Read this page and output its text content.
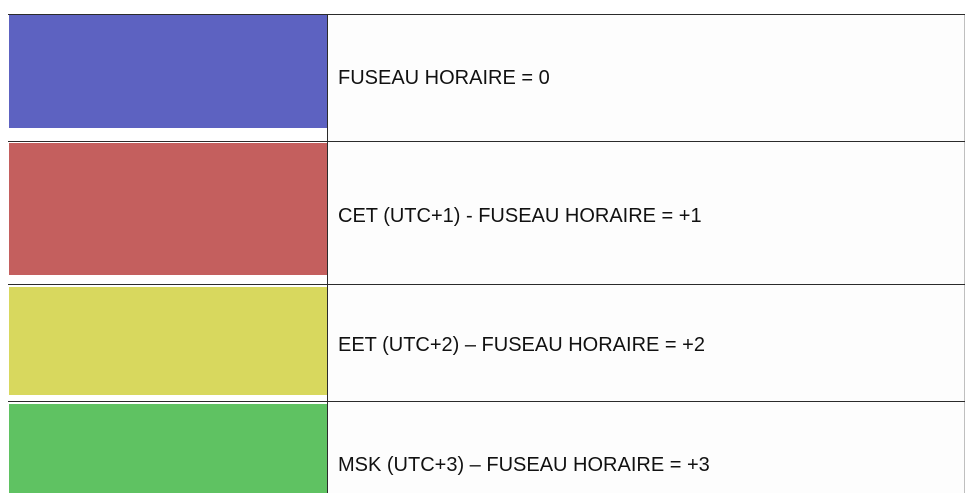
FUSEAU HORAIRE = 0
CET (UTC+1) - FUSEAU HORAIRE = +1
EET (UTC+2) – FUSEAU HORAIRE = +2
MSK (UTC+3) – FUSEAU HORAIRE = +3
